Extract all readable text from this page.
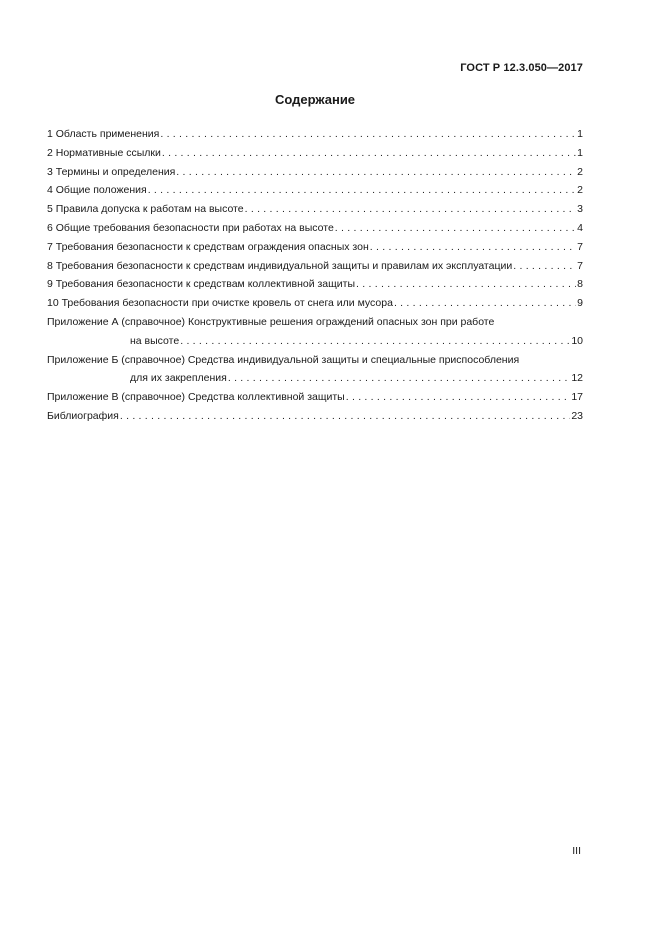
ГОСТ Р 12.3.050—2017
Содержание
1 Область применения . . .	1
2 Нормативные ссылки . . .	1
3 Термины и определения . . .	2
4 Общие положения . . .	2
5 Правила допуска к работам на высоте . . .	3
6 Общие требования безопасности при работах на высоте . . .	4
7 Требования безопасности к средствам ограждения опасных зон . . .	7
8 Требования безопасности к средствам индивидуальной защиты и правилам их эксплуатации . . .	7
9 Требования безопасности к средствам коллективной защиты . . .	8
10 Требования безопасности при очистке кровель от снега или мусора . . .	9
Приложение А (справочное) Конструктивные решения ограждений опасных зон при работе
на высоте . . .	10
Приложение Б (справочное) Средства индивидуальной защиты и специальные приспособления
для их закрепления . . .	12
Приложение В (справочное) Средства коллективной защиты . . .	17
Библиография . . .	23
III
